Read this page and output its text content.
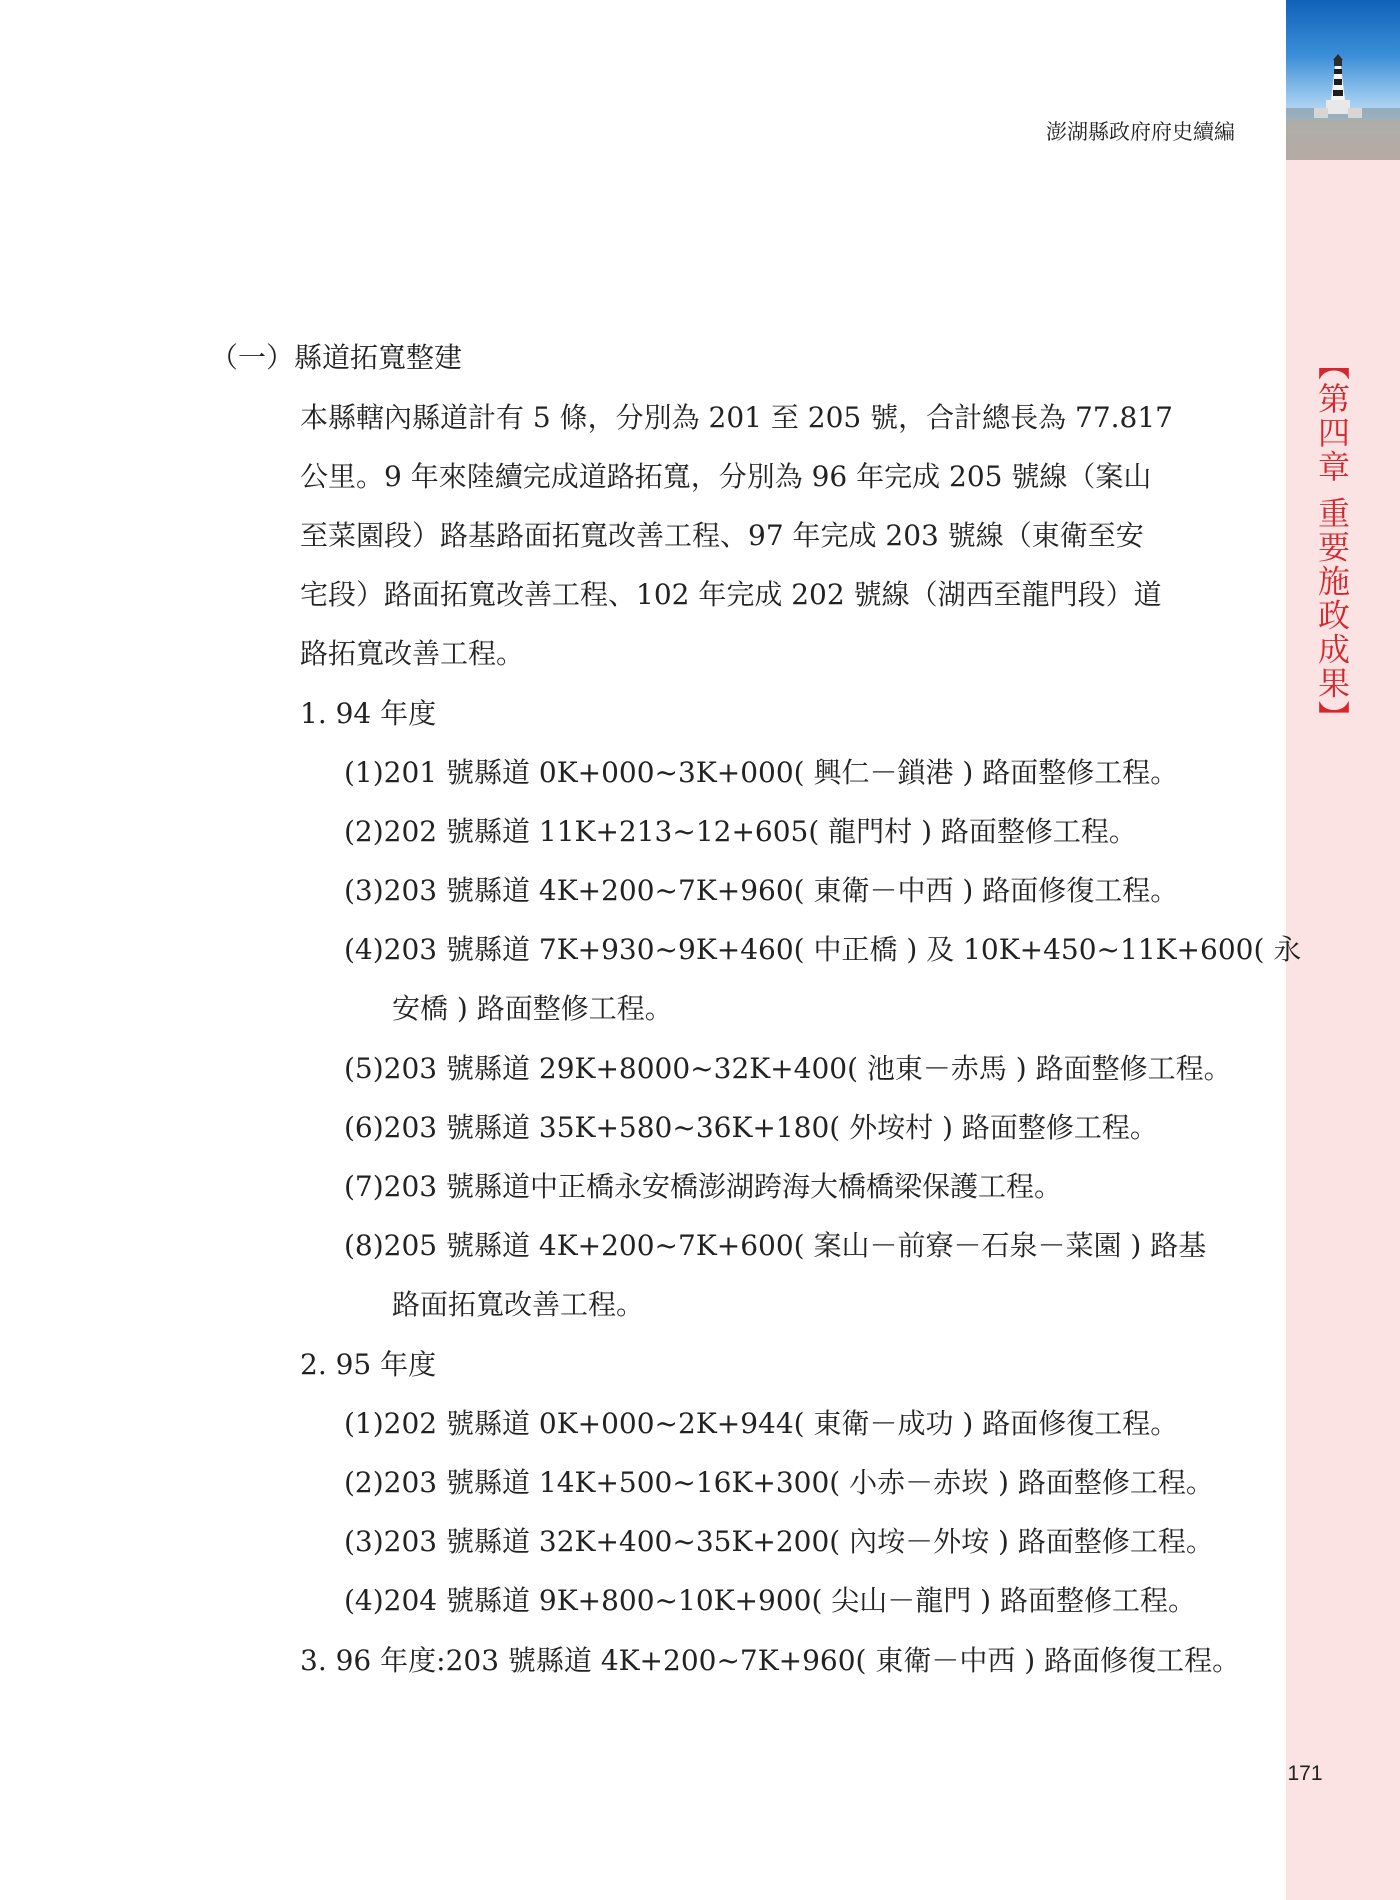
【第四章 重要施政成果】
澎湖縣政府府史續編
（一）縣道拓寬整建
本縣轄內縣道計有 5 條，分別為 201 至 205 號，合計總長為 77.817
公里。9 年來陸續完成道路拓寬，分別為 96 年完成 205 號線（案山
至菜園段）路基路面拓寬改善工程、97 年完成 203 號線（東衛至安
宅段）路面拓寬改善工程、102 年完成 202 號線（湖西至龍門段）道
路拓寬改善工程。
1. 94 年度
(1)201 號縣道 0K+000~3K+000( 興仁－鎖港 ) 路面整修工程。
(2)202 號縣道 11K+213~12+605( 龍門村 ) 路面整修工程。
(3)203 號縣道 4K+200~7K+960( 東衛－中西 ) 路面修復工程。
(4)203 號縣道 7K+930~9K+460( 中正橋 ) 及 10K+450~11K+600( 永
安橋 ) 路面整修工程。
(5)203 號縣道 29K+8000~32K+400( 池東－赤馬 ) 路面整修工程。
(6)203 號縣道 35K+580~36K+180( 外垵村 ) 路面整修工程。
(7)203 號縣道中正橋永安橋澎湖跨海大橋橋梁保護工程。
(8)205 號縣道 4K+200~7K+600( 案山－前寮－石泉－菜園 ) 路基
路面拓寬改善工程。
2. 95 年度
(1)202 號縣道 0K+000~2K+944( 東衛－成功 ) 路面修復工程。
(2)203 號縣道 14K+500~16K+300( 小赤－赤崁 ) 路面整修工程。
(3)203 號縣道 32K+400~35K+200( 內垵－外垵 ) 路面整修工程。
(4)204 號縣道 9K+800~10K+900( 尖山－龍門 ) 路面整修工程。
3. 96 年度:203 號縣道 4K+200~7K+960( 東衛－中西 ) 路面修復工程。
171
